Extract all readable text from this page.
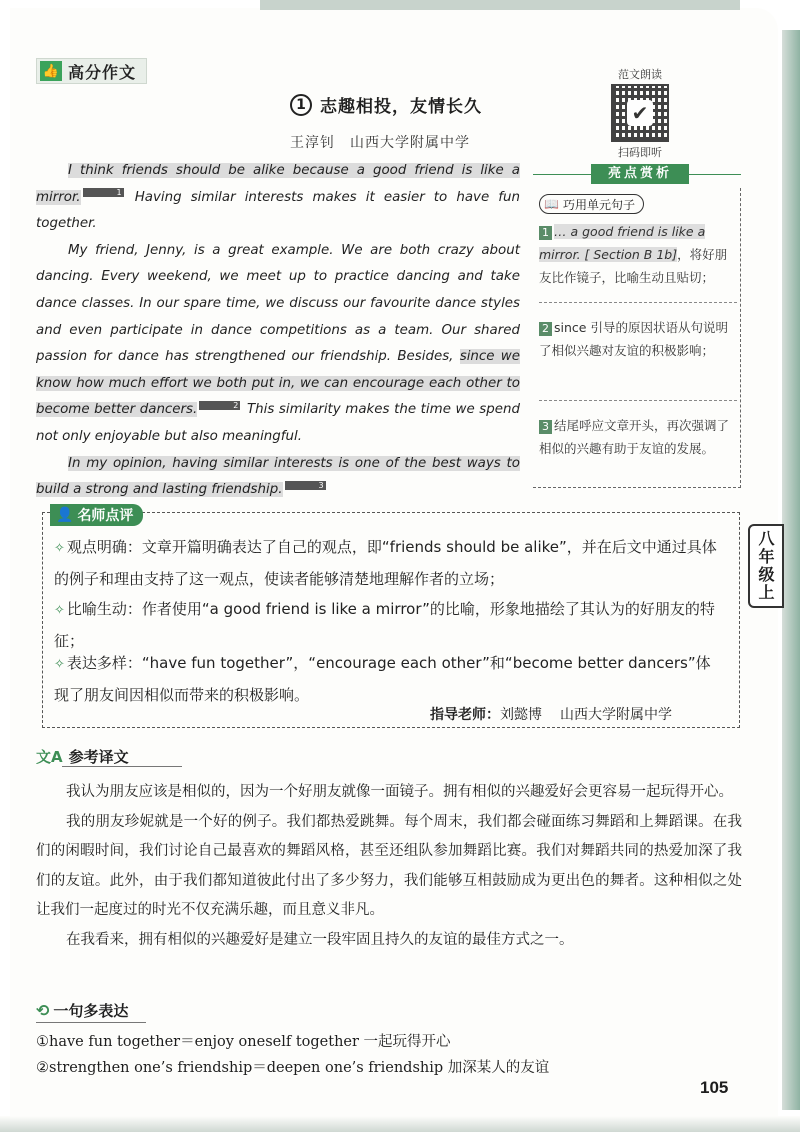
👍 高分作文	范文朗读
✔
扫码即听
1 志趣相投，友情长久
王淳钊　山西大学附属中学

I think friends should be alike because a good friend is like a mirror.	1 Having similar interests makes it easier to have fun together.

My friend, Jenny, is a great example. We are both crazy about dancing. Every weekend, we meet up to practice dancing and take dance classes. In our spare time, we discuss our favourite dance styles and even participate in dance competitions as a team. Our shared passion for dance has strengthened our friendship. Besides, since we know how much effort we both put in, we can encourage each other to become better dancers.	2 This similarity makes the time we spend not only enjoyable but also meaningful.

In my opinion, having similar interests is one of the best ways to build a strong and lasting friendship.	3

亮点赏析
📖 巧用单元句子
1 … a good friend is like a mirror. [ Section B 1b]，将好朋友比作镜子，比喻生动且贴切；
2 since 引导的原因状语从句说明了相似兴趣对友谊的积极影响；
3 结尾呼应文章开头，再次强调了相似的兴趣有助于友谊的发展。
八年级上
👤 名师点评
✧ 观点明确：文章开篇明确表达了自己的观点，即“friends should be alike”，并在后文中通过具体的例子和理由支持了这一观点，使读者能够清楚地理解作者的立场；
✧ 比喻生动：作者使用“a good friend is like a mirror”的比喻，形象地描绘了其认为的好朋友的特征；
✧ 表达多样：“have fun together”，“encourage each other”和“become better dancers”体现了朋友间因相似而带来的积极影响。
指导老师：刘懿博 山西大学附属中学
文A 参考译文

我认为朋友应该是相似的，因为一个好朋友就像一面镜子。拥有相似的兴趣爱好会更容易一起玩得开心。

我的朋友珍妮就是一个好的例子。我们都热爱跳舞。每个周末，我们都会碰面练习舞蹈和上舞蹈课。在我们的闲暇时间，我们讨论自己最喜欢的舞蹈风格，甚至还组队参加舞蹈比赛。我们对舞蹈共同的热爱加深了我们的友谊。此外，由于我们都知道彼此付出了多少努力，我们能够互相鼓励成为更出色的舞者。这种相似之处让我们一起度过的时光不仅充满乐趣，而且意义非凡。

在我看来，拥有相似的兴趣爱好是建立一段牢固且持久的友谊的最佳方式之一。

⟲ 一句多表达
①have fun together＝enjoy oneself together 一起玩得开心
②strengthen one’s friendship＝deepen one’s friendship 加深某人的友谊
105
